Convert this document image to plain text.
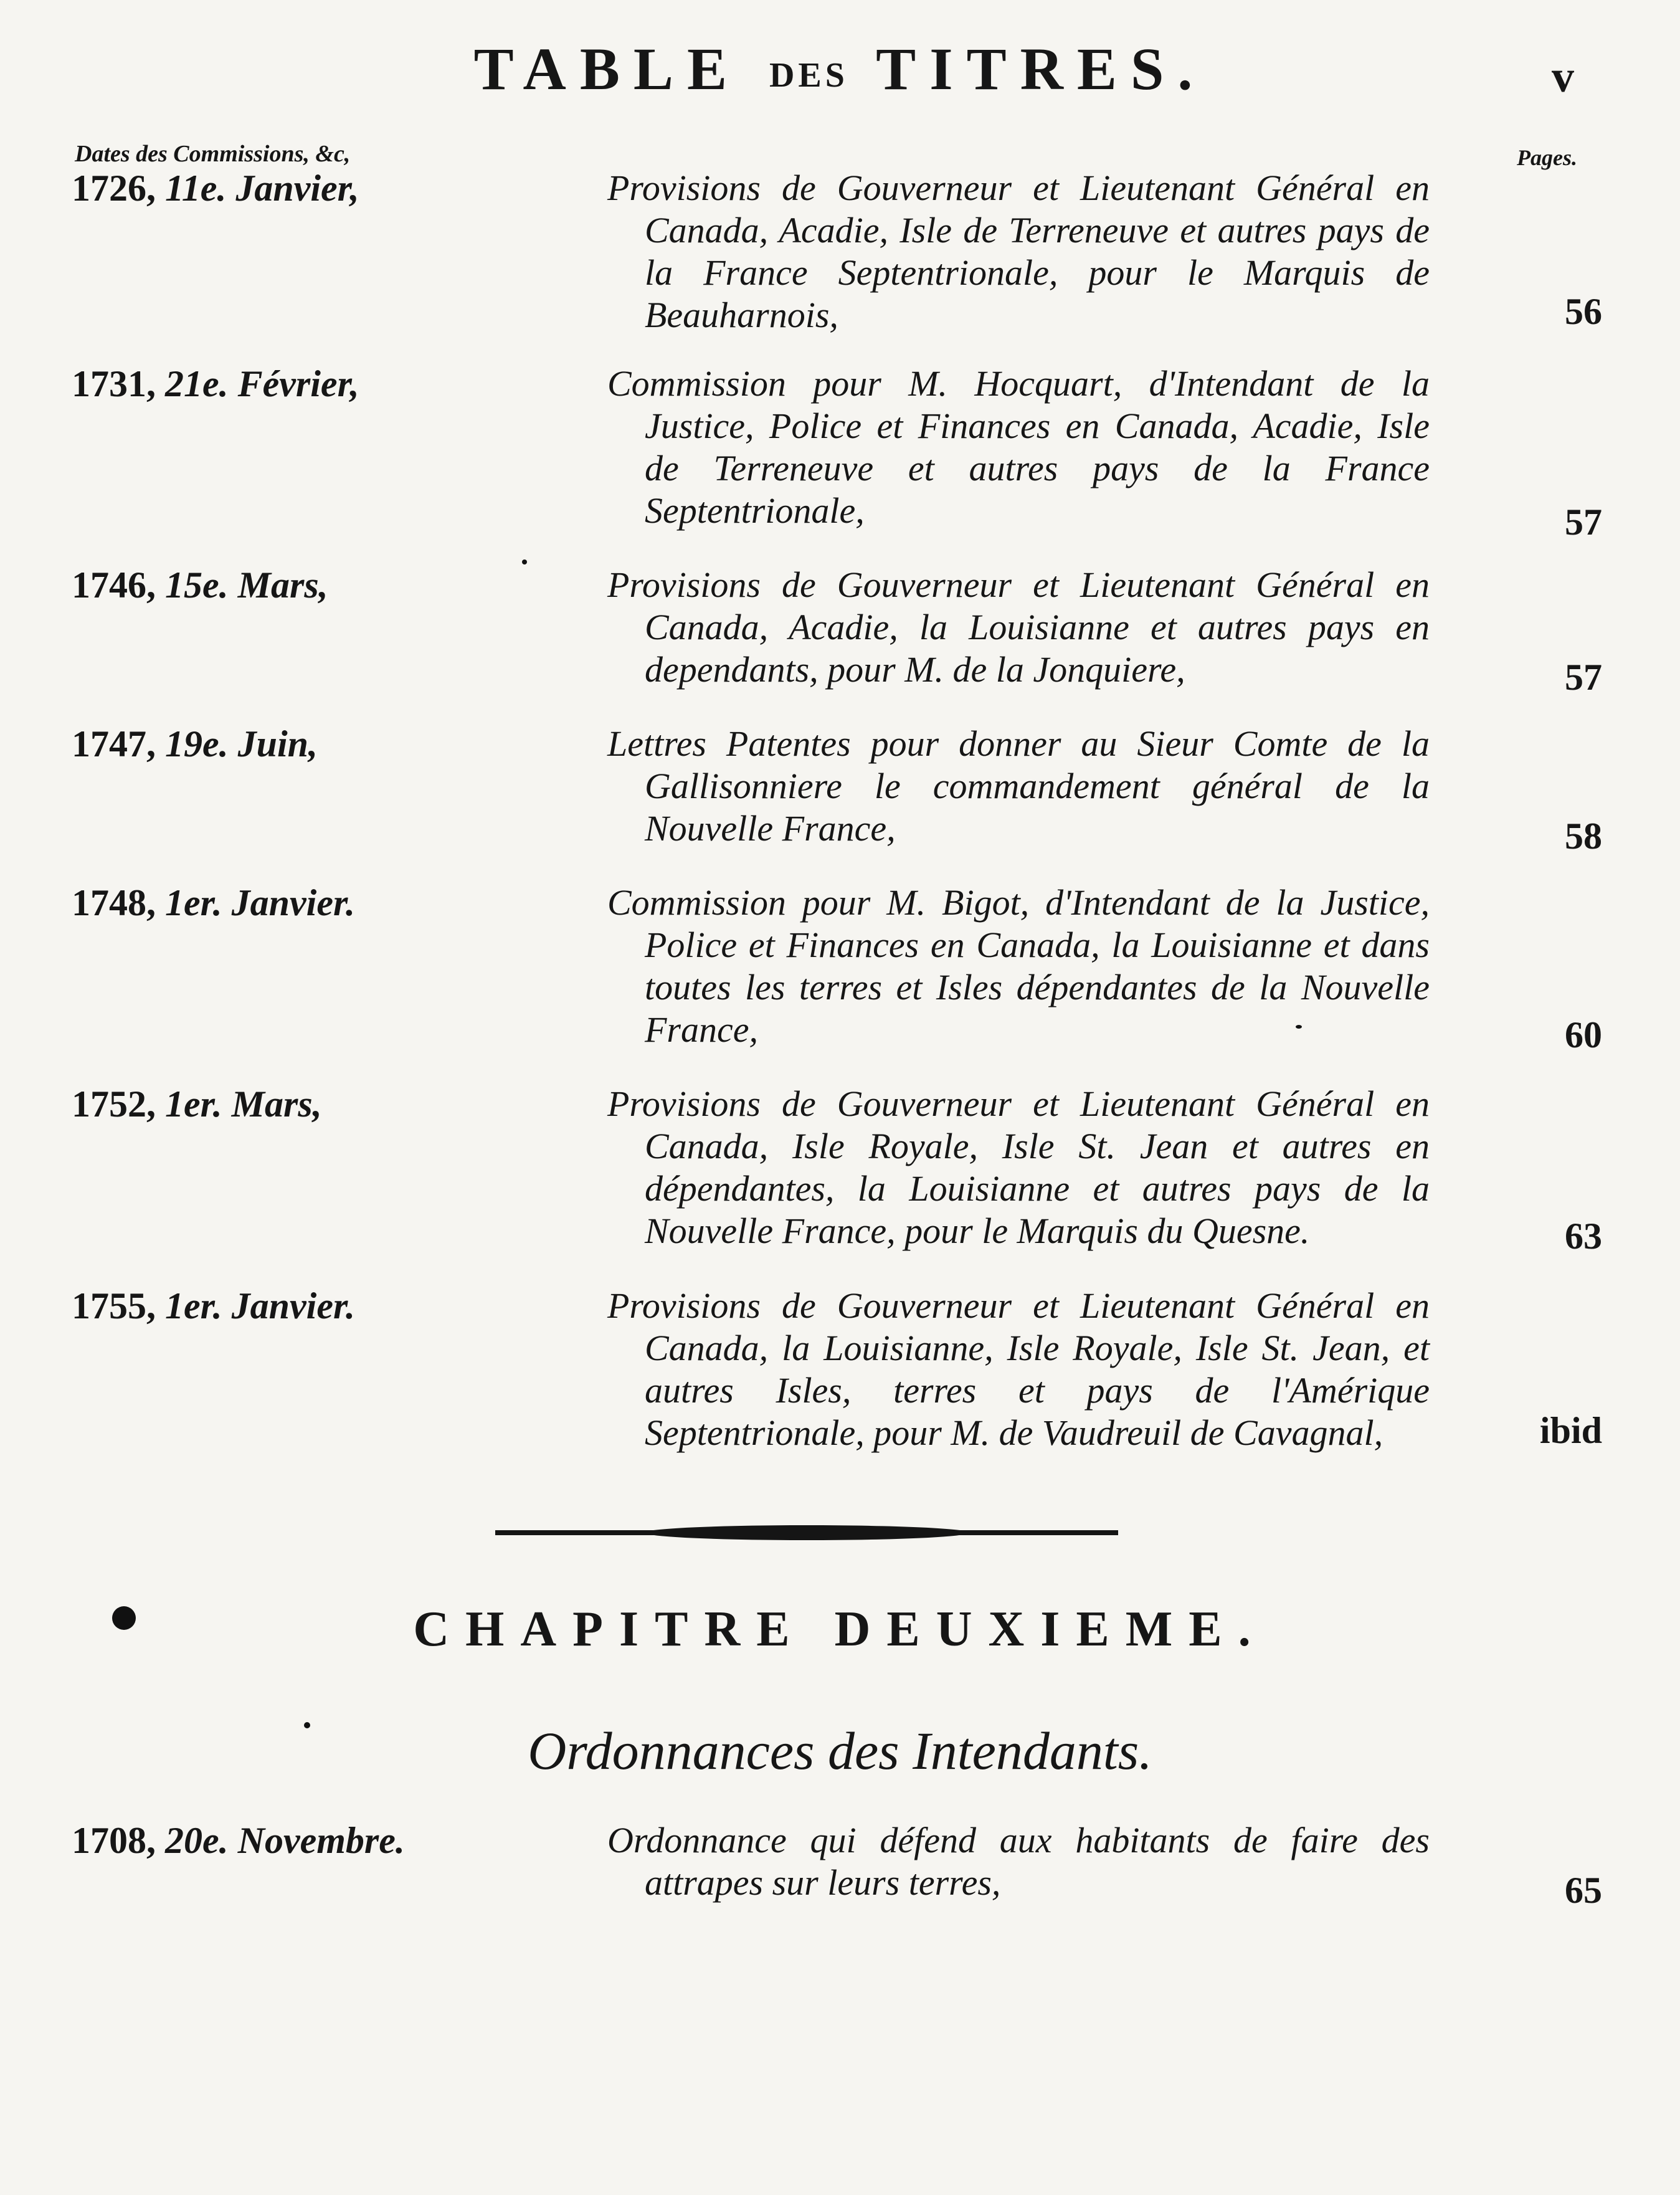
TABLE DES TITRES.	v
Dates des Commissions, &c,	Pages.
1726, 11e. Janvier,	Provisions de Gouverneur et Lieutenant Général en Canada, Acadie, Isle de Terreneuve et autres pays de la France Septentrionale, pour le Marquis de Beauharnois,	56
1731, 21e. Février,	Commission pour M. Hocquart, d'Intendant de la Justice, Police et Finances en Canada, Acadie, Isle de Terreneuve et autres pays de la France Septentrionale,	57
1746, 15e. Mars,	Provisions de Gouverneur et Lieutenant Général en Canada, Acadie, la Louisianne et autres pays en dependants, pour M. de la Jonquiere,	57
1747, 19e. Juin,	Lettres Patentes pour donner au Sieur Comte de la Gallisonniere le commandement général de la Nouvelle France,	58
1748, 1er. Janvier.	Commission pour M. Bigot, d'Intendant de la Justice, Police et Finances en Canada, la Louisianne et dans toutes les terres et Isles dépendantes de la Nouvelle France,	60
1752, 1er. Mars,	Provisions de Gouverneur et Lieutenant Général en Canada, Isle Royale, Isle St. Jean et autres en dépendantes, la Louisianne et autres pays de la Nouvelle France, pour le Marquis du Quesne.	63
1755, 1er. Janvier.	Provisions de Gouverneur et Lieutenant Général en Canada, la Louisianne, Isle Royale, Isle St. Jean, et autres Isles, terres et pays de l'Amérique Septentrionale, pour M. de Vaudreuil de Cavagnal,	ibid
CHAPITRE DEUXIEME.
Ordonnances des Intendants.
1708, 20e. Novembre.	Ordonnance qui défend aux habitants de faire des attrapes sur leurs terres,	65
